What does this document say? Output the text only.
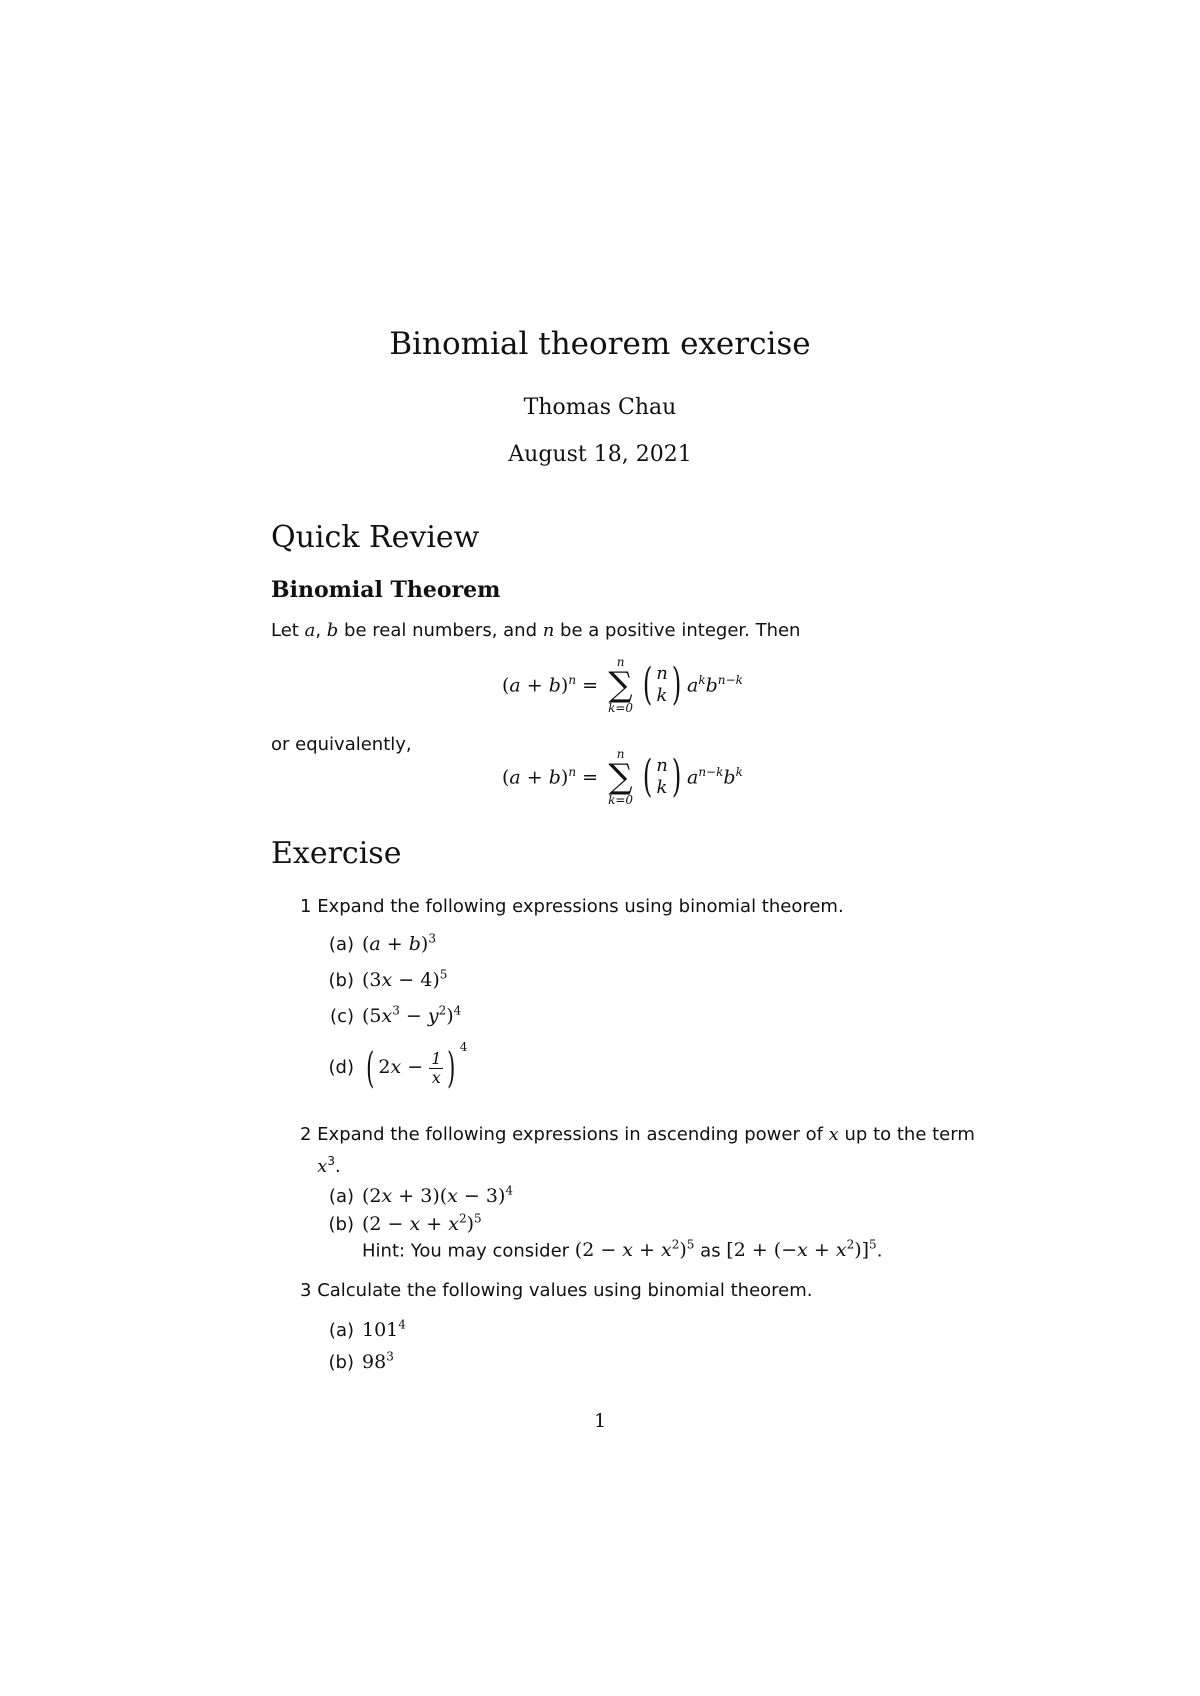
Binomial theorem exercise
Thomas Chau
August 18, 2021
Quick Review
Binomial Theorem
Let a, b be real numbers, and n be a positive integer. Then
$(a + b)^n$ =
n
∑
k=0 ( n
k ) $a^kb^{n-k}$
or equivalently,
$(a + b)^n$ =
n
∑
k=0 ( n
k ) $a^{n-k}b^k$
Exercise
1 Expand the following expressions using binomial theorem.
(a) $(a + b)^3$
(b) $(3x - 4)^5$
(c) $(5x^3 - y^2)^4$
(d) ( $2x - \frac{1}{x}$ ) $^4$
2 Expand the following expressions in ascending power of x up to the term
$x^3$.
(a) $(2x + 3)(x - 3)^4$
(b) $(2 - x + x^2)^5$
Hint: You may consider $(2 - x + x^2)^5$ as $[2 + (-x + x^2)]^5$.
3 Calculate the following values using binomial theorem.
(a) $101^4$
(b) $98^3$
1
